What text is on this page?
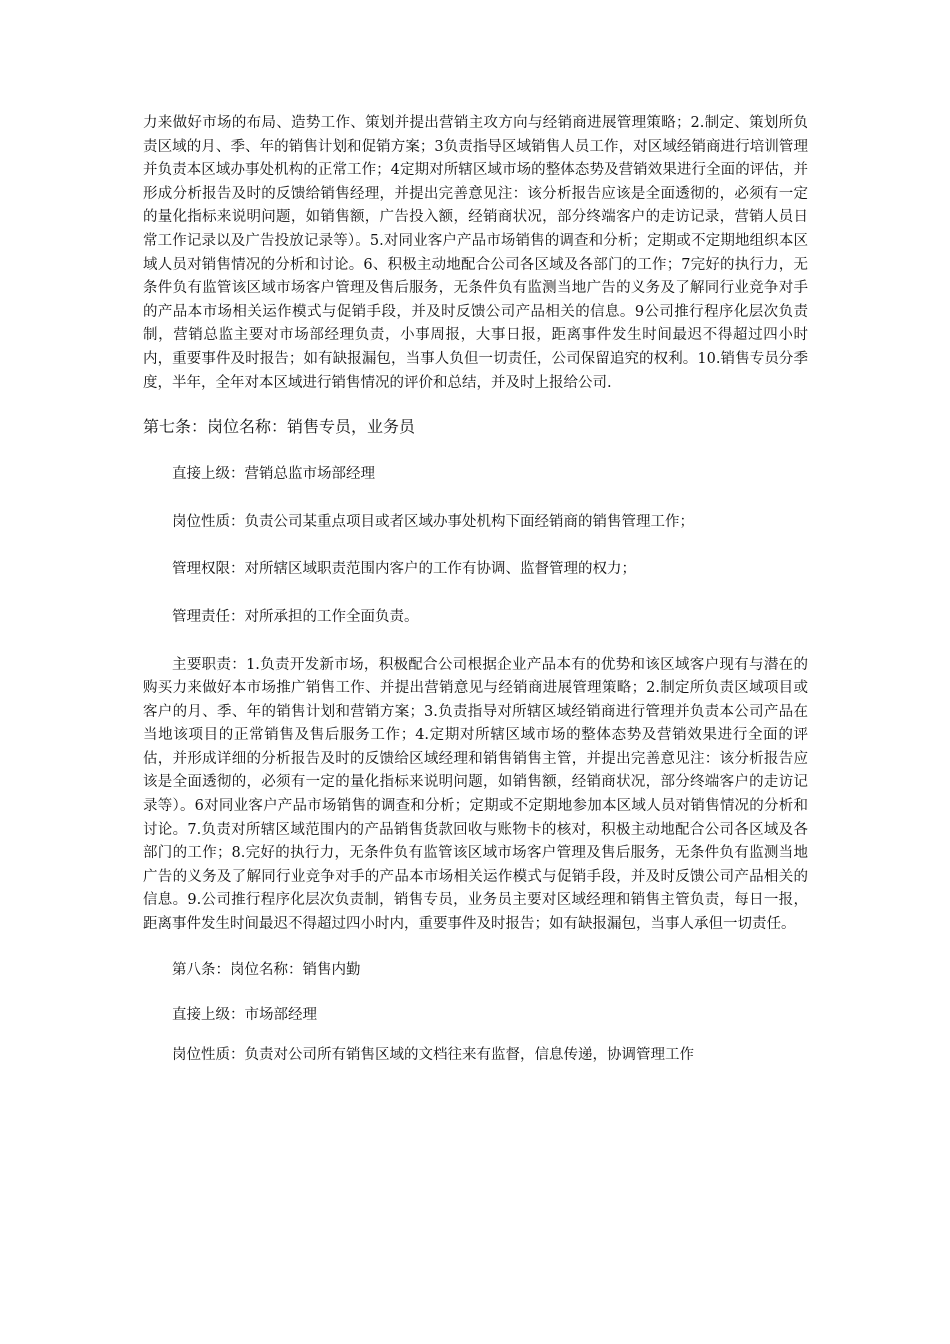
力来做好市场的布局、造势工作、策划并提出营销主攻方向与经销商进展管理策略；2.制定、策划所负责区域的月、季、年的销售计划和促销方案；3负责指导区域销售人员工作，对区域经销商进行培训管理并负责本区域办事处机构的正常工作；4定期对所辖区域市场的整体态势及营销效果进行全面的评估，并形成分析报告及时的反馈给销售经理，并提出完善意见注：该分析报告应该是全面透彻的，必须有一定的量化指标来说明问题，如销售额，广告投入额，经销商状况，部分终端客户的走访记录，营销人员日常工作记录以及广告投放记录等）。5.对同业客户产品市场销售的调查和分析；定期或不定期地组织本区域人员对销售情况的分析和讨论。6、积极主动地配合公司各区域及各部门的工作；7完好的执行力，无条件负有监管该区域市场客户管理及售后服务，无条件负有监测当地广告的义务及了解同行业竞争对手的产品本市场相关运作模式与促销手段，并及时反馈公司产品相关的信息。9公司推行程序化层次负责制，营销总监主要对市场部经理负责，小事周报，大事日报，距离事件发生时间最迟不得超过四小时内，重要事件及时报告；如有缺报漏包，当事人负但一切责任，公司保留追究的权利。10.销售专员分季度，半年，全年对本区域进行销售情况的评价和总结，并及时上报给公司.

第七条：岗位名称：销售专员，业务员

直接上级：营销总监市场部经理

岗位性质：负责公司某重点项目或者区域办事处机构下面经销商的销售管理工作；

管理权限：对所辖区域职责范围内客户的工作有协调、监督管理的权力；

管理责任：对所承担的工作全面负责。

主要职责：1.负责开发新市场，积极配合公司根据企业产品本有的优势和该区域客户现有与潜在的购买力来做好本市场推广销售工作、并提出营销意见与经销商进展管理策略；2.制定所负责区域项目或客户的月、季、年的销售计划和营销方案；3.负责指导对所辖区域经销商进行管理并负责本公司产品在当地该项目的正常销售及售后服务工作；4.定期对所辖区域市场的整体态势及营销效果进行全面的评估，并形成详细的分析报告及时的反馈给区域经理和销售销售主管，并提出完善意见注：该分析报告应该是全面透彻的，必须有一定的量化指标来说明问题，如销售额，经销商状况，部分终端客户的走访记录等）。6对同业客户产品市场销售的调查和分析；定期或不定期地参加本区域人员对销售情况的分析和讨论。7.负责对所辖区域范围内的产品销售货款回收与账物卡的核对，积极主动地配合公司各区域及各部门的工作；8.完好的执行力，无条件负有监管该区域市场客户管理及售后服务，无条件负有监测当地广告的义务及了解同行业竞争对手的产品本市场相关运作模式与促销手段，并及时反馈公司产品相关的信息。9.公司推行程序化层次负责制，销售专员，业务员主要对区域经理和销售主管负责，每日一报，距离事件发生时间最迟不得超过四小时内，重要事件及时报告；如有缺报漏包，当事人承但一切责任。

第八条：岗位名称：销售内勤

直接上级：市场部经理

岗位性质：负责对公司所有销售区域的文档往来有监督，信息传递，协调管理工作
